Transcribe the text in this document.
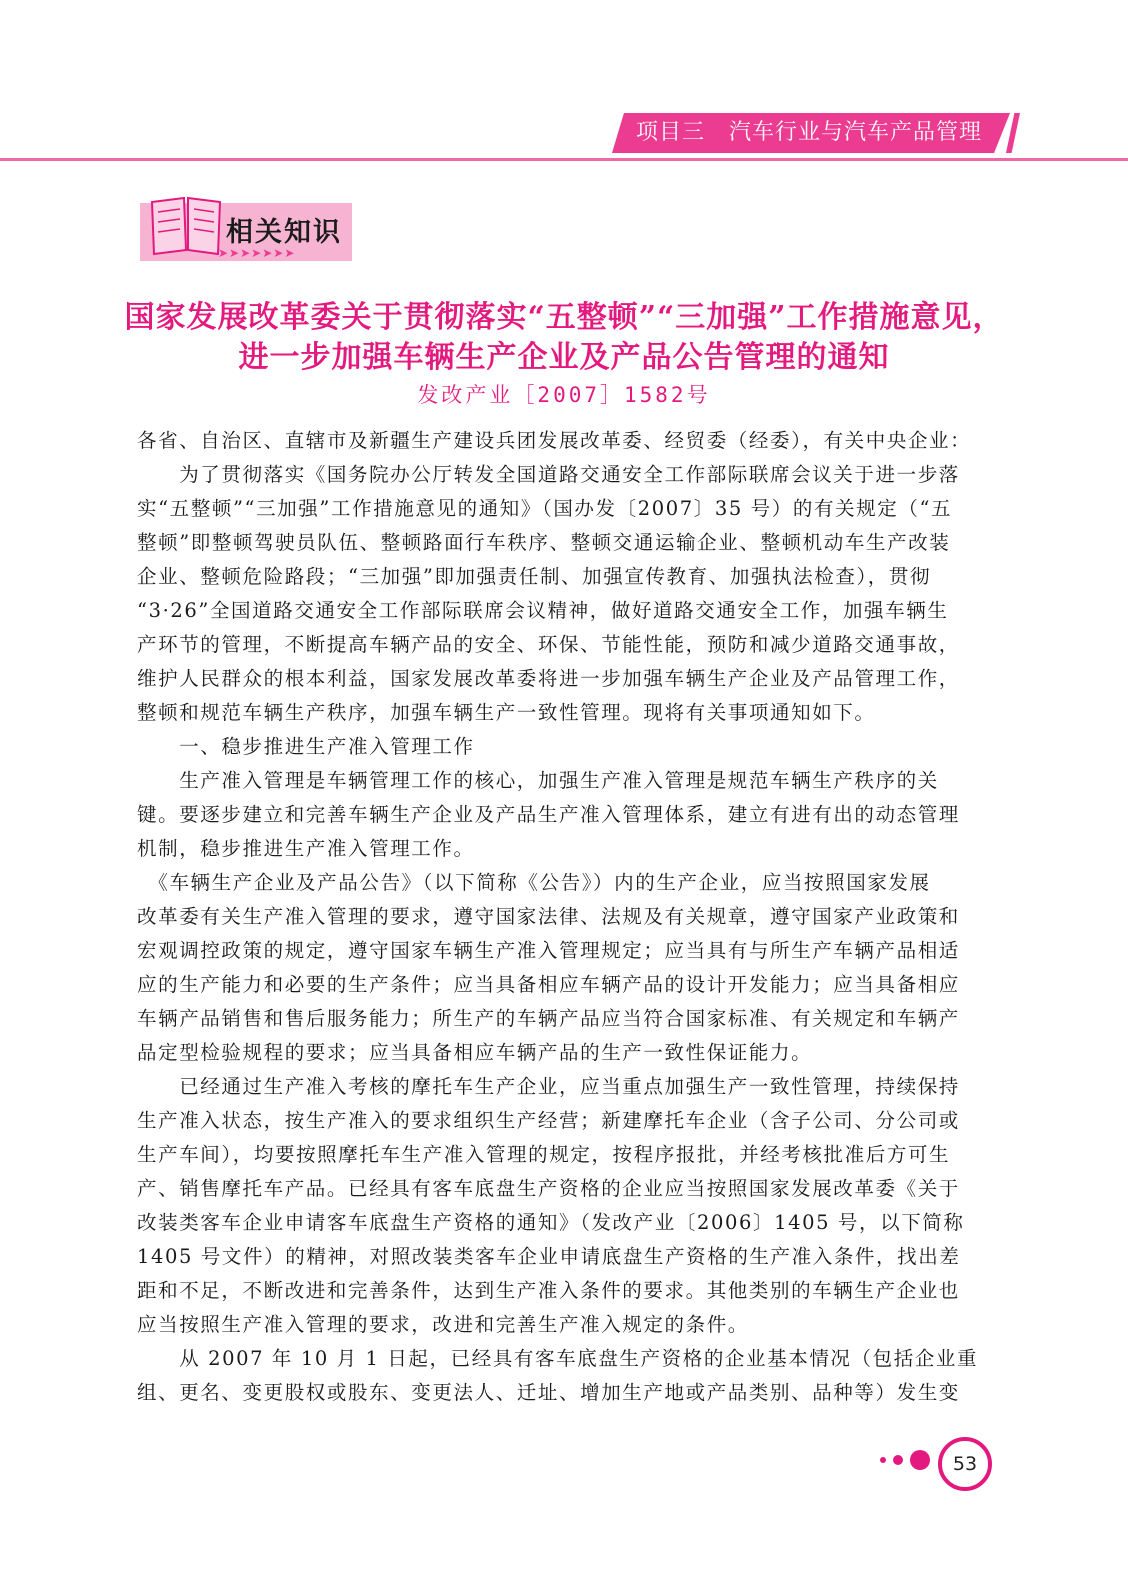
项目三   汽车行业与汽车产品管理
相关知识
➤➤➤➤➤➤➤
国家发展改革委关于贯彻落实“五整顿”“三加强”工作措施意见，
进一步加强车辆生产企业及产品公告管理的通知
发改产业［2007］1582号
各省、自治区、直辖市及新疆生产建设兵团发展改革委、经贸委（经委），有关中央企业：
　　为了贯彻落实《国务院办公厅转发全国道路交通安全工作部际联席会议关于进一步落
实“五整顿”“三加强”工作措施意见的通知》（国办发〔2007〕35 号）的有关规定（“五
整顿”即整顿驾驶员队伍、整顿路面行车秩序、整顿交通运输企业、整顿机动车生产改装
企业、整顿危险路段；“三加强”即加强责任制、加强宣传教育、加强执法检查），贯彻
“3·26”全国道路交通安全工作部际联席会议精神，做好道路交通安全工作，加强车辆生
产环节的管理，不断提高车辆产品的安全、环保、节能性能，预防和减少道路交通事故，
维护人民群众的根本利益，国家发展改革委将进一步加强车辆生产企业及产品管理工作，
整顿和规范车辆生产秩序，加强车辆生产一致性管理。现将有关事项通知如下。
　　一、稳步推进生产准入管理工作
　　生产准入管理是车辆管理工作的核心，加强生产准入管理是规范车辆生产秩序的关
键。要逐步建立和完善车辆生产企业及产品生产准入管理体系，建立有进有出的动态管理
机制，稳步推进生产准入管理工作。
　《车辆生产企业及产品公告》（以下简称《公告》）内的生产企业，应当按照国家发展
改革委有关生产准入管理的要求，遵守国家法律、法规及有关规章，遵守国家产业政策和
宏观调控政策的规定，遵守国家车辆生产准入管理规定；应当具有与所生产车辆产品相适
应的生产能力和必要的生产条件；应当具备相应车辆产品的设计开发能力；应当具备相应
车辆产品销售和售后服务能力；所生产的车辆产品应当符合国家标准、有关规定和车辆产
品定型检验规程的要求；应当具备相应车辆产品的生产一致性保证能力。
　　已经通过生产准入考核的摩托车生产企业，应当重点加强生产一致性管理，持续保持
生产准入状态，按生产准入的要求组织生产经营；新建摩托车企业（含子公司、分公司或
生产车间），均要按照摩托车生产准入管理的规定，按程序报批，并经考核批准后方可生
产、销售摩托车产品。已经具有客车底盘生产资格的企业应当按照国家发展改革委《关于
改装类客车企业申请客车底盘生产资格的通知》（发改产业〔2006〕1405 号，以下简称
1405 号文件）的精神，对照改装类客车企业申请底盘生产资格的生产准入条件，找出差
距和不足，不断改进和完善条件，达到生产准入条件的要求。其他类别的车辆生产企业也
应当按照生产准入管理的要求，改进和完善生产准入规定的条件。
　　从 2007 年 10 月 1 日起，已经具有客车底盘生产资格的企业基本情况（包括企业重
组、更名、变更股权或股东、变更法人、迁址、增加生产地或产品类别、品种等）发生变
53
